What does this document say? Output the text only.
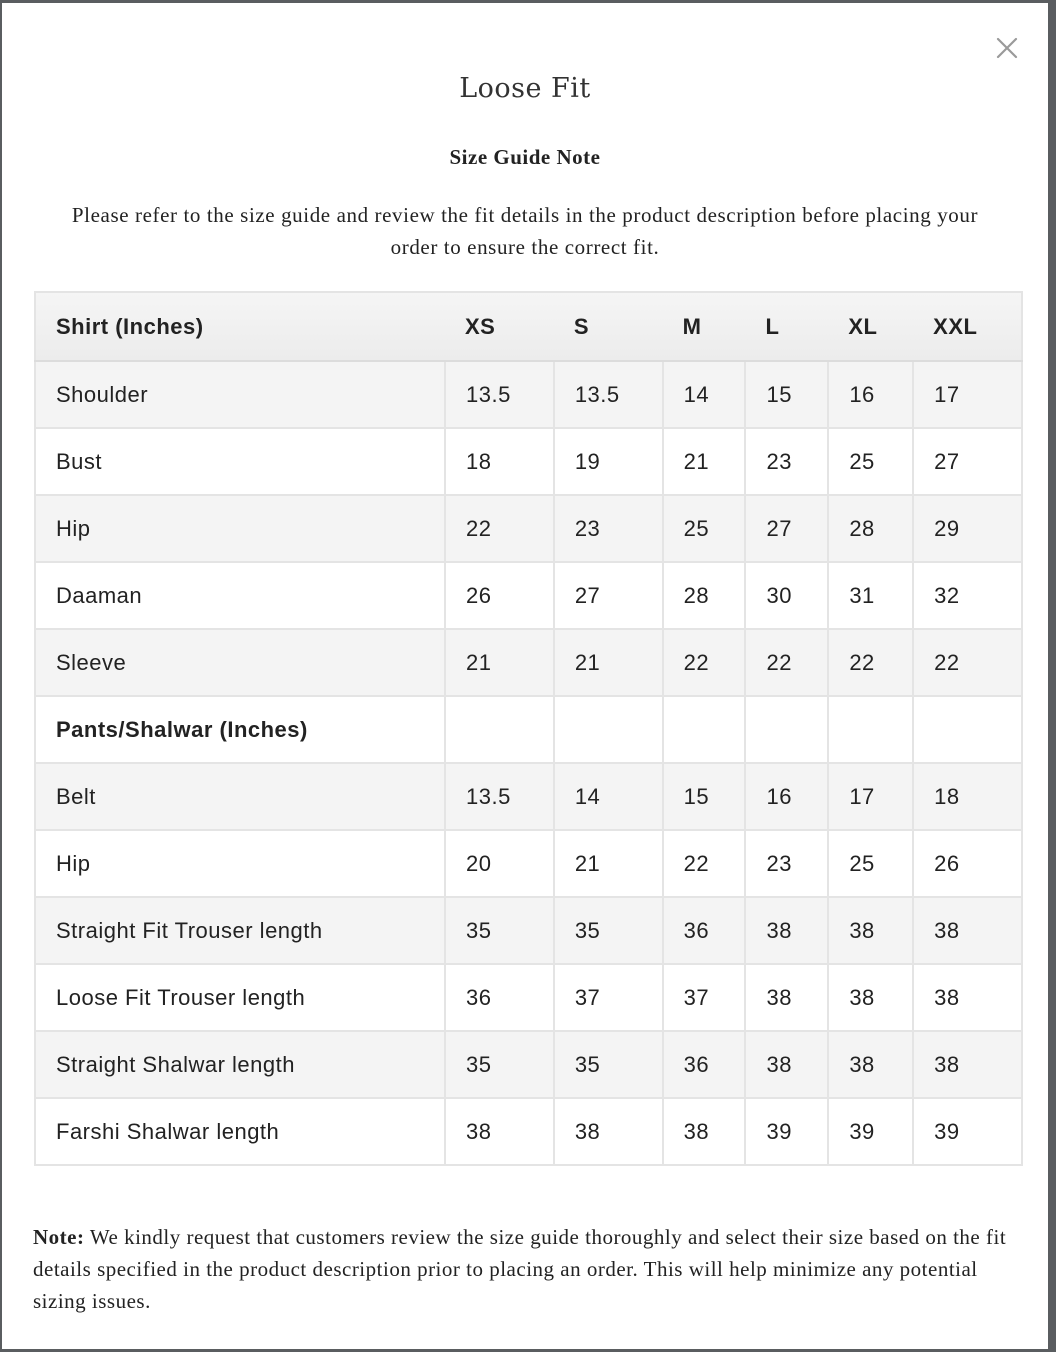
Loose Fit
Size Guide Note
Please refer to the size guide and review the fit details in the product description before placing your order to ensure the correct fit.
Shirt (Inches)	XS	S	M	L	XL	XXL
Shoulder	13.5	13.5	14	15	16	17
Bust	18	19	21	23	25	27
Hip	22	23	25	27	28	29
Daaman	26	27	28	30	31	32
Sleeve	21	21	22	22	22	22
Pants/Shalwar (Inches)						
Belt	13.5	14	15	16	17	18
Hip	20	21	22	23	25	26
Straight Fit Trouser length	35	35	36	38	38	38
Loose Fit Trouser length	36	37	37	38	38	38
Straight Shalwar length	35	35	36	38	38	38
Farshi Shalwar length	38	38	38	39	39	39
Note: We kindly request that customers review the size guide thoroughly and select their size based on the fit details specified in the product description prior to placing an order. This will help minimize any potential sizing issues.
